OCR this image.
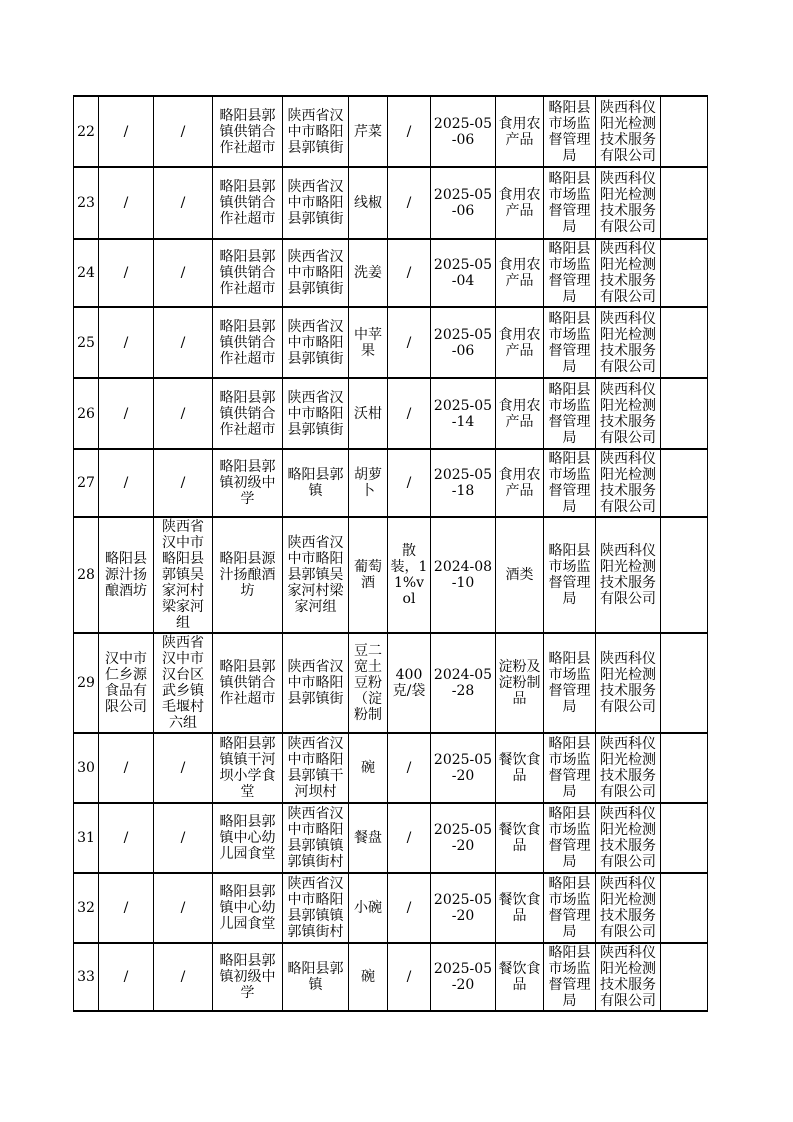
22	/	/	略阳县郭镇供销合作社超市	陕西省汉中市略阳县郭镇街	芹菜	/	2025-05-06	食用农产品	略阳县市场监督管理局	陕西科仪阳光检测技术服务有限公司	
23	/	/	略阳县郭镇供销合作社超市	陕西省汉中市略阳县郭镇街	线椒	/	2025-05-06	食用农产品	略阳县市场监督管理局	陕西科仪阳光检测技术服务有限公司	
24	/	/	略阳县郭镇供销合作社超市	陕西省汉中市略阳县郭镇街	洗姜	/	2025-05-04	食用农产品	略阳县市场监督管理局	陕西科仪阳光检测技术服务有限公司	
25	/	/	略阳县郭镇供销合作社超市	陕西省汉中市略阳县郭镇街	中苹果	/	2025-05-06	食用农产品	略阳县市场监督管理局	陕西科仪阳光检测技术服务有限公司	
26	/	/	略阳县郭镇供销合作社超市	陕西省汉中市略阳县郭镇街	沃柑	/	2025-05-14	食用农产品	略阳县市场监督管理局	陕西科仪阳光检测技术服务有限公司	
27	/	/	略阳县郭镇初级中学	略阳县郭镇	胡萝卜	/	2025-05-18	食用农产品	略阳县市场监督管理局	陕西科仪阳光检测技术服务有限公司	
28	略阳县源汁扬酿酒坊	陕西省汉中市略阳县郭镇吴家河村梁家河组	略阳县源汁扬酿酒坊	陕西省汉中市略阳县郭镇吴家河村梁家河组	葡萄酒	散装，11%vol	2024-08-10	酒类	略阳县市场监督管理局	陕西科仪阳光检测技术服务有限公司	
29	汉中市仁乡源食品有限公司	陕西省汉中市汉台区武乡镇毛堰村六组	略阳县郭镇供销合作社超市	陕西省汉中市略阳县郭镇街	豆二宽土豆粉（淀粉制	400克/袋	2024-05-28	淀粉及淀粉制品	略阳县市场监督管理局	陕西科仪阳光检测技术服务有限公司	
30	/	/	略阳县郭镇镇干河坝小学食堂	陕西省汉中市略阳县郭镇干河坝村	碗	/	2025-05-20	餐饮食品	略阳县市场监督管理局	陕西科仪阳光检测技术服务有限公司	
31	/	/	略阳县郭镇中心幼儿园食堂	陕西省汉中市略阳县郭镇镇郭镇街村	餐盘	/	2025-05-20	餐饮食品	略阳县市场监督管理局	陕西科仪阳光检测技术服务有限公司	
32	/	/	略阳县郭镇中心幼儿园食堂	陕西省汉中市略阳县郭镇镇郭镇街村	小碗	/	2025-05-20	餐饮食品	略阳县市场监督管理局	陕西科仪阳光检测技术服务有限公司	
33	/	/	略阳县郭镇初级中学	略阳县郭镇	碗	/	2025-05-20	餐饮食品	略阳县市场监督管理局	陕西科仪阳光检测技术服务有限公司	
